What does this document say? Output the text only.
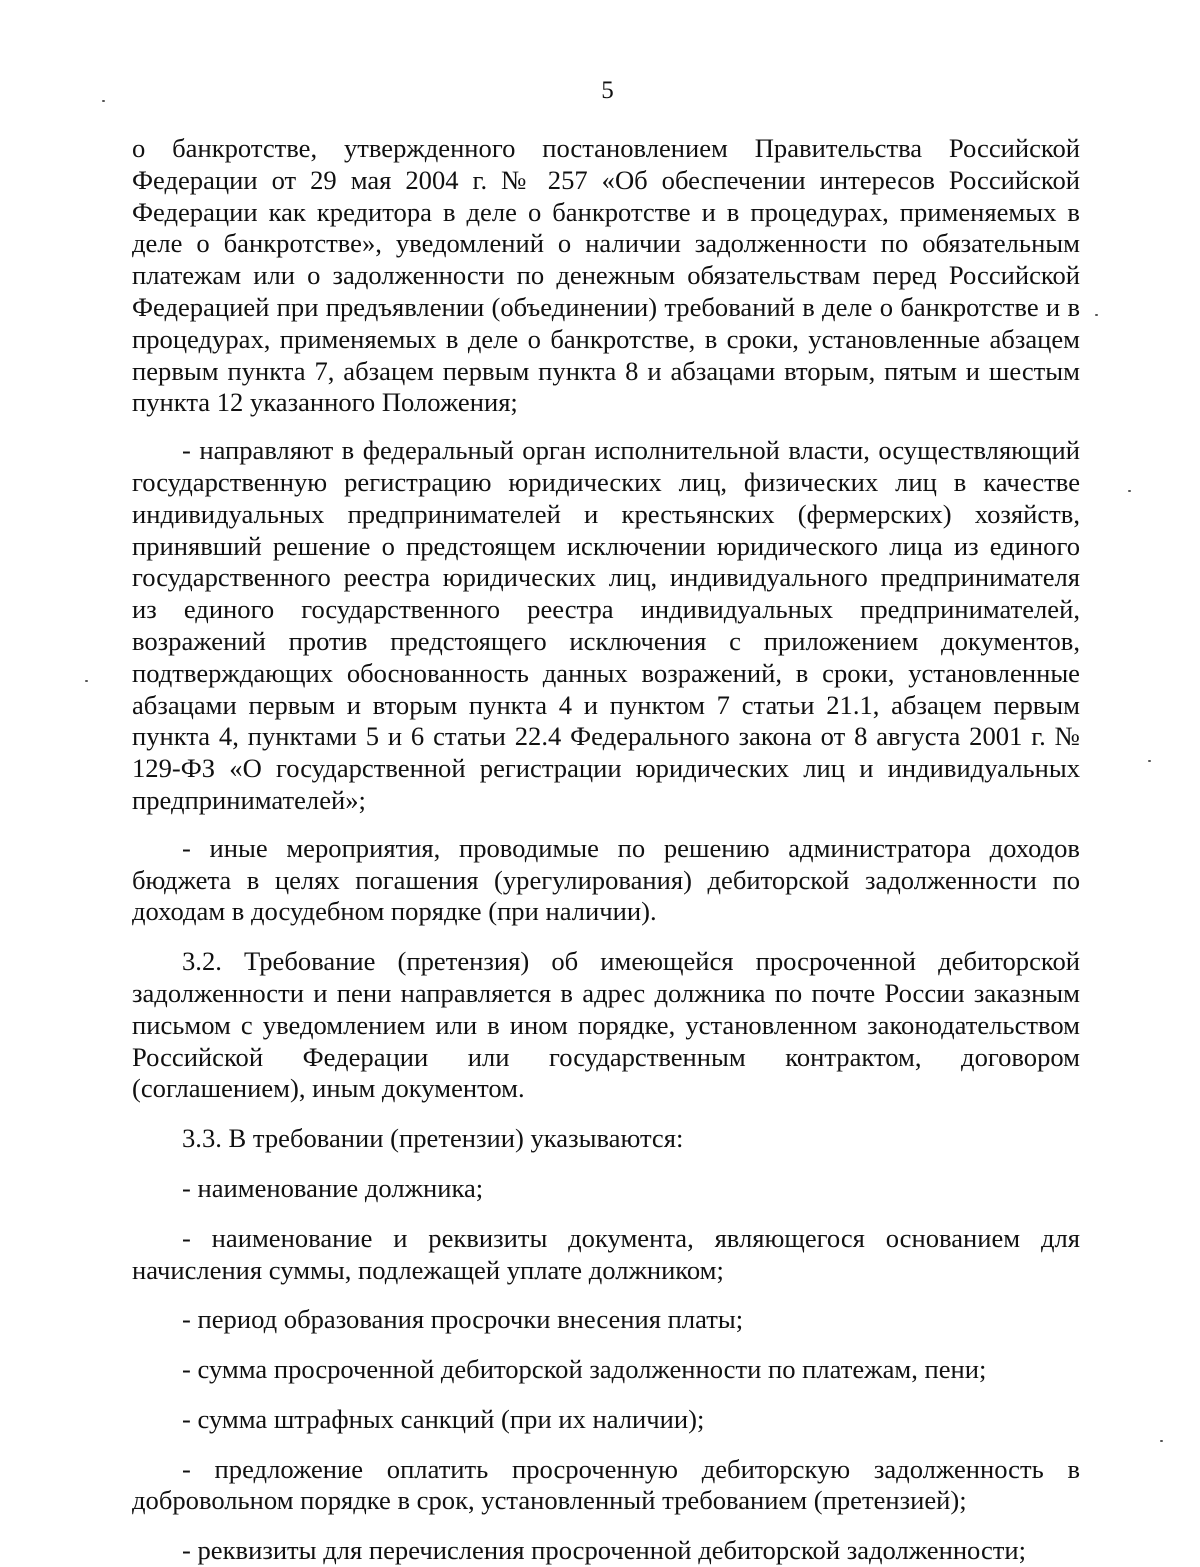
5

о банкротстве, утвержденного постановлением Правительства Российской Федерации от 29 мая 2004 г. № 257 «Об обеспечении интересов Российской Федерации как кредитора в деле о банкротстве и в процедурах, применяемых в деле о банкротстве», уведомлений о наличии задолженности по обязательным платежам или о задолженности по денежным обязательствам перед Российской Федерацией при предъявлении (объединении) требований в деле о банкротстве и в процедурах, применяемых в деле о банкротстве, в сроки, установленные абзацем первым пункта 7, абзацем первым пункта 8 и абзацами вторым, пятым и шестым пункта 12 указанного Положения;

- направляют в федеральный орган исполнительной власти, осуществляющий государственную регистрацию юридических лиц, физических лиц в качестве индивидуальных предпринимателей и крестьянских (фермерских) хозяйств, принявший решение о предстоящем исключении юридического лица из единого государственного реестра юридических лиц, индивидуального предпринимателя из единого государственного реестра индивидуальных предпринимателей, возражений против предстоящего исключения с приложением документов, подтверждающих обоснованность данных возражений, в сроки, установленные абзацами первым и вторым пункта 4 и пунктом 7 статьи 21.1, абзацем первым пункта 4, пунктами 5 и 6 статьи 22.4 Федерального закона от 8 августа 2001 г. № 129-ФЗ «О государственной регистрации юридических лиц и индивидуальных предпринимателей»;

- иные мероприятия, проводимые по решению администратора доходов бюджета в целях погашения (урегулирования) дебиторской задолженности по доходам в досудебном порядке (при наличии).

3.2. Требование (претензия) об имеющейся просроченной дебиторской задолженности и пени направляется в адрес должника по почте России заказным письмом с уведомлением или в ином порядке, установленном законодательством Российской Федерации или государственным контрактом, договором (соглашением), иным документом.

3.3. В требовании (претензии) указываются:

- наименование должника;

- наименование и реквизиты документа, являющегося основанием для начисления суммы, подлежащей уплате должником;

- период образования просрочки внесения платы;

- сумма просроченной дебиторской задолженности по платежам, пени;

- сумма штрафных санкций (при их наличии);

- предложение оплатить просроченную дебиторскую задолженность в добровольном порядке в срок, установленный требованием (претензией);

- реквизиты для перечисления просроченной дебиторской задолженности;
